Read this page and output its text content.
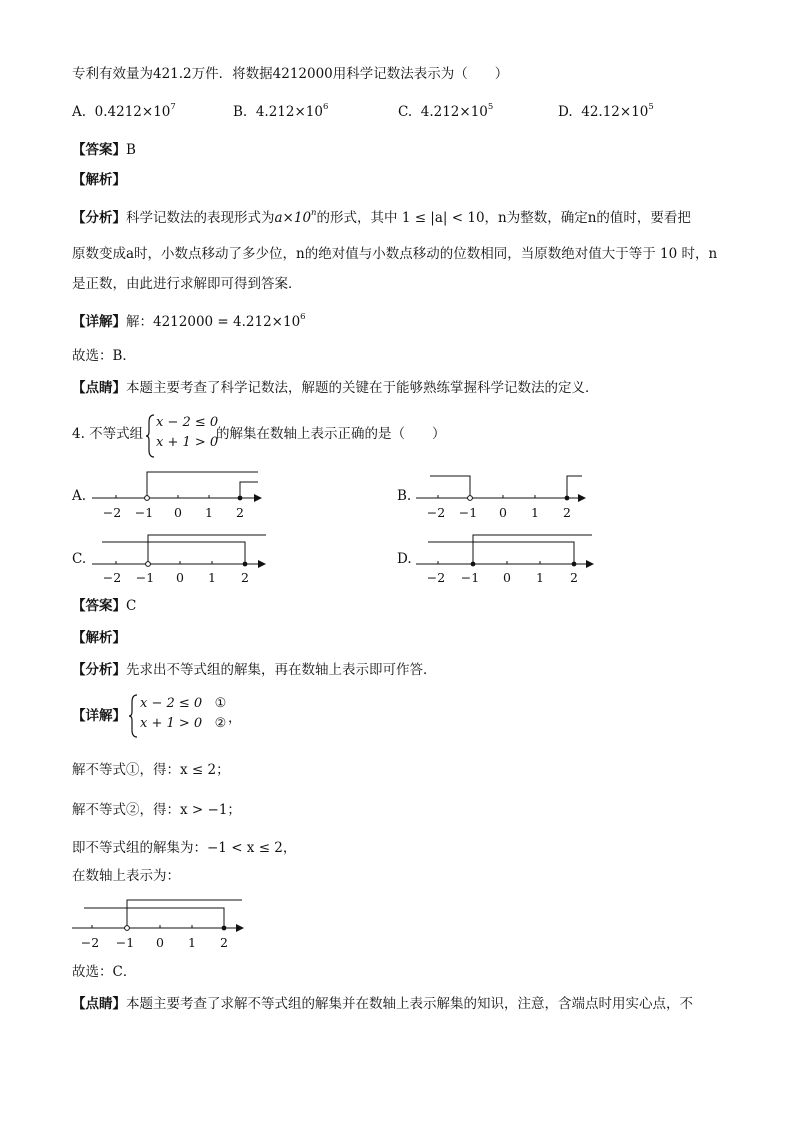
专利有效量为421.2万件．将数据4212000用科学记数法表示为（　　）
A. $0.4212\times 10^7$	B. $4.212\times 10^6$	C. $4.212\times 10^5$	D. $42.12\times 10^5$
【答案】B
【解析】
【分析】科学记数法的表现形式为$a\times 10^n$的形式，其中 1 ≤ |a| < 10，n为整数，确定n的值时，要看把
原数变成a时，小数点移动了多少位，n的绝对值与小数点移动的位数相同，当原数绝对值大于等于 10 时，n
是正数，由此进行求解即可得到答案．
【详解】解：$4212000 = 4.212\times 10^6$
故选：B．
【点睛】本题主要考查了科学记数法，解题的关键在于能够熟练掌握科学记数法的定义．
4. 不等式组
x − 2 ≤ 0
x + 1 > 0
的解集在数轴上表示正确的是（　　）
A.	B.
C.	D.
−2 −1 0 1 2	−2 −1 0 1 2
−2 −1 0 1 2	−2 −1 0 1 2
【答案】C
【解析】
【分析】先求出不等式组的解集，再在数轴上表示即可作答．
【详解】
x − 2 ≤ 0 ①
x + 1 > 0 ② ，
解不等式①，得：x ≤ 2；
解不等式②，得：x > −1；
即不等式组的解集为：−1 < x ≤ 2，
在数轴上表示为：
−2 −1 0 1 2
故选：C．
【点睛】本题主要考查了求解不等式组的解集并在数轴上表示解集的知识，注意，含端点时用实心点，不
